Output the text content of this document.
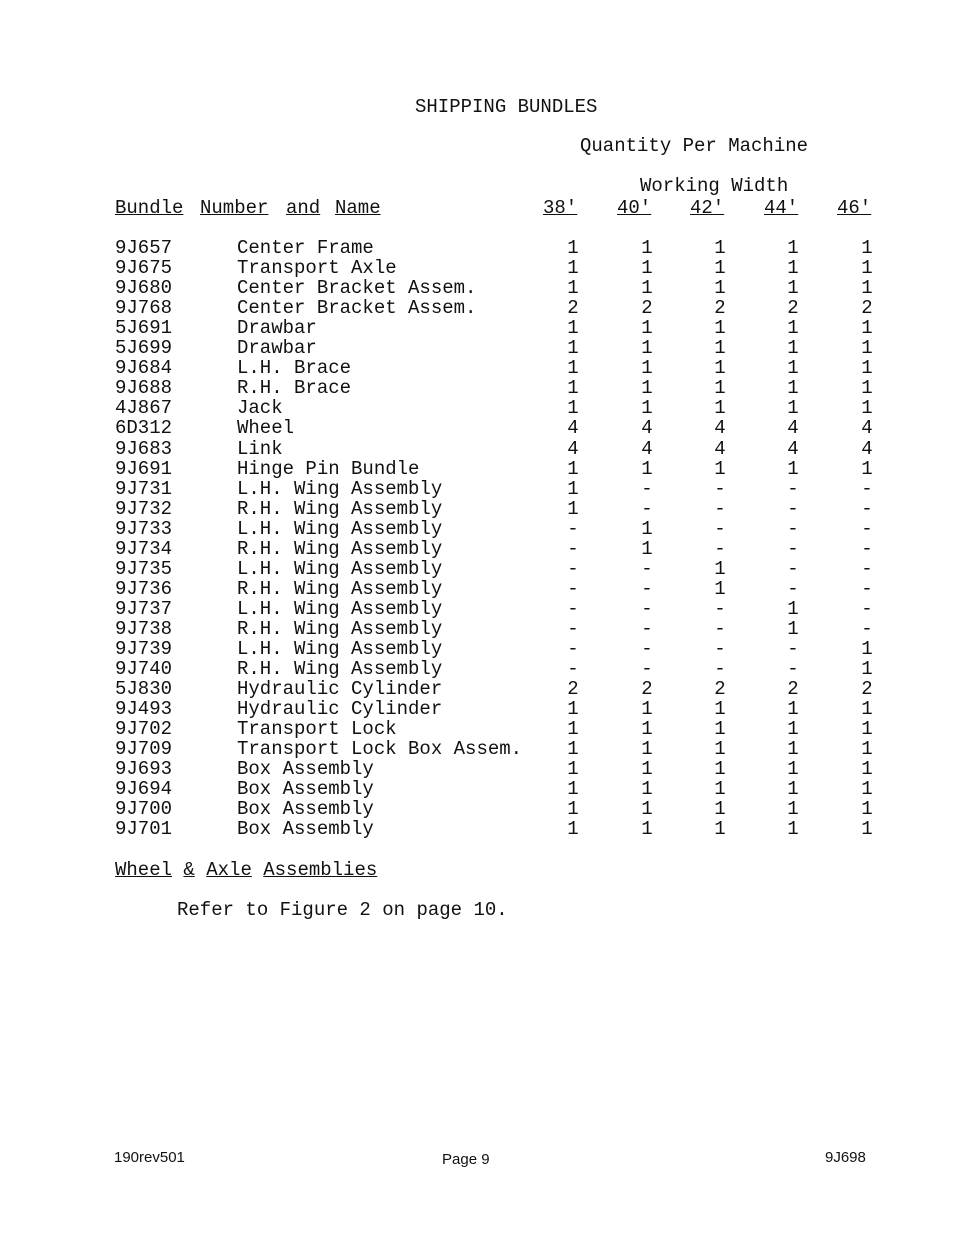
SHIPPING BUNDLES
Quantity Per Machine
Working Width
Bundle Number and Name	38' 40' 42' 44' 46'
9J657	Center Frame	1	1	1	1	1
9J675	Transport Axle	1	1	1	1	1
9J680	Center Bracket Assem.	1	1	1	1	1
9J768	Center Bracket Assem.	2	2	2	2	2
5J691	Drawbar	1	1	1	1	1
5J699	Drawbar	1	1	1	1	1
9J684	L.H. Brace	1	1	1	1	1
9J688	R.H. Brace	1	1	1	1	1
4J867	Jack	1	1	1	1	1
6D312	Wheel	4	4	4	4	4
9J683	Link	4	4	4	4	4
9J691	Hinge Pin Bundle	1	1	1	1	1
9J731	L.H. Wing Assembly	1	-	-	-	-
9J732	R.H. Wing Assembly	1	-	-	-	-
9J733	L.H. Wing Assembly	-	1	-	-	-
9J734	R.H. Wing Assembly	-	1	-	-	-
9J735	L.H. Wing Assembly	-	-	1	-	-
9J736	R.H. Wing Assembly	-	-	1	-	-
9J737	L.H. Wing Assembly	-	-	-	1	-
9J738	R.H. Wing Assembly	-	-	-	1	-
9J739	L.H. Wing Assembly	-	-	-	-	1
9J740	R.H. Wing Assembly	-	-	-	-	1
5J830	Hydraulic Cylinder	2	2	2	2	2
9J493	Hydraulic Cylinder	1	1	1	1	1
9J702	Transport Lock	1	1	1	1	1
9J709	Transport Lock Box Assem.	1	1	1	1	1
9J693	Box Assembly	1	1	1	1	1
9J694	Box Assembly	1	1	1	1	1
9J700	Box Assembly	1	1	1	1	1
9J701	Box Assembly	1	1	1	1	1
Wheel & Axle Assemblies
Refer to Figure 2 on page 10.
190rev501	Page 9	9J698
